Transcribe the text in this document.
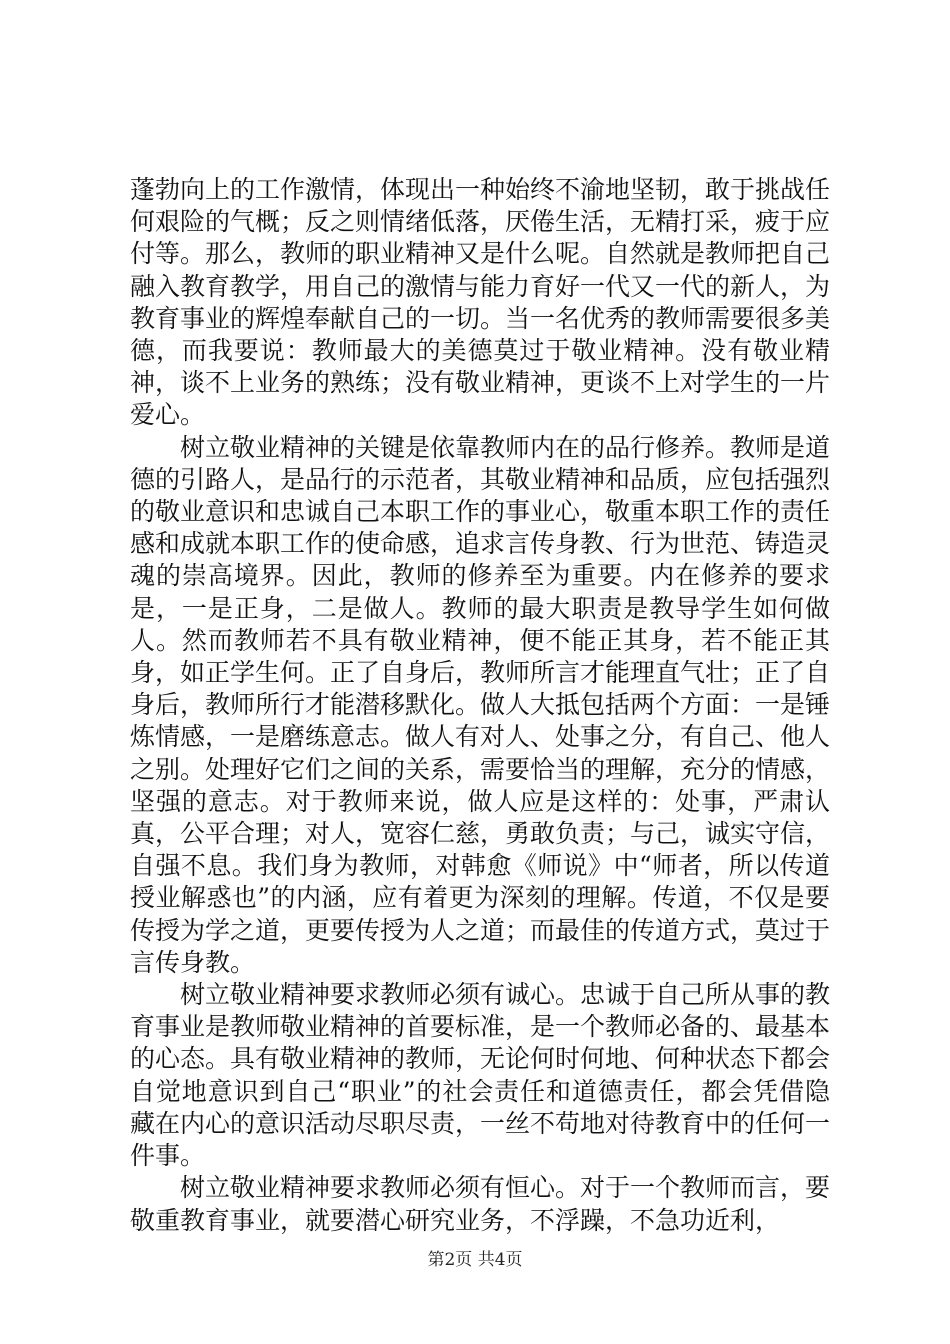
蓬勃向上的工作激情，体现出一种始终不渝地坚韧，敢于挑战任何艰险的气概；反之则情绪低落，厌倦生活，无精打采，疲于应付等。那么，教师的职业精神又是什么呢。自然就是教师把自己融入教育教学，用自己的激情与能力育好一代又一代的新人，为教育事业的辉煌奉献自己的一切。当一名优秀的教师需要很多美德，而我要说：教师最大的美德莫过于敬业精神。没有敬业精神，谈不上业务的熟练；没有敬业精神，更谈不上对学生的一片爱心。

树立敬业精神的关键是依靠教师内在的品行修养。教师是道德的引路人，是品行的示范者，其敬业精神和品质，应包括强烈的敬业意识和忠诚自己本职工作的事业心，敬重本职工作的责任感和成就本职工作的使命感，追求言传身教、行为世范、铸造灵魂的崇高境界。因此，教师的修养至为重要。内在修养的要求是，一是正身，二是做人。教师的最大职责是教导学生如何做人。然而教师若不具有敬业精神，便不能正其身，若不能正其身，如正学生何。正了自身后，教师所言才能理直气壮；正了自身后，教师所行才能潜移默化。做人大抵包括两个方面：一是锤炼情感，一是磨练意志。做人有对人、处事之分，有自己、他人之别。处理好它们之间的关系，需要恰当的理解，充分的情感，坚强的意志。对于教师来说，做人应是这样的：处事，严肃认真，公平合理；对人，宽容仁慈，勇敢负责；与己，诚实守信，自强不息。我们身为教师，对韩愈《师说》中“师者，所以传道授业解惑也”的内涵，应有着更为深刻的理解。传道，不仅是要传授为学之道，更要传授为人之道；而最佳的传道方式，莫过于言传身教。

树立敬业精神要求教师必须有诚心。忠诚于自己所从事的教育事业是教师敬业精神的首要标准，是一个教师必备的、最基本的心态。具有敬业精神的教师，无论何时何地、何种状态下都会自觉地意识到自己“职业”的社会责任和道德责任，都会凭借隐藏在内心的意识活动尽职尽责，一丝不苟地对待教育中的任何一件事。

树立敬业精神要求教师必须有恒心。对于一个教师而言，要敬重教育事业，就要潜心研究业务，不浮躁，不急功近利，

第2页 共4页
